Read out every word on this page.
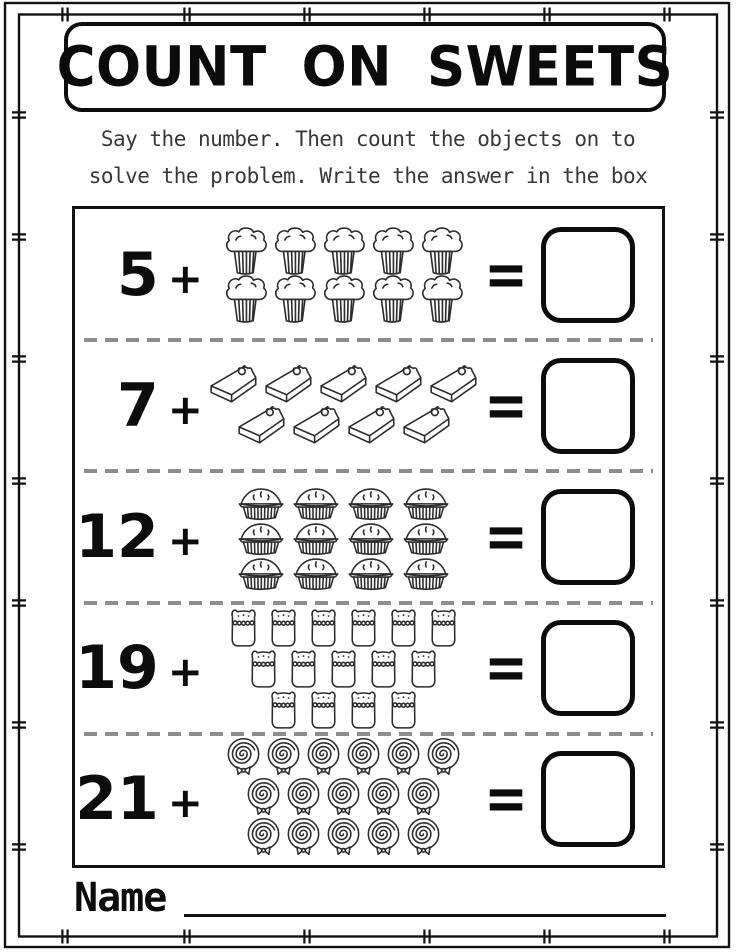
COUNT ON SWEETS
Say the number. Then count the objects on to
solve the problem. Write the answer in the box
5 +	=
7 +	=
12 +	=
19 +	=
21 +	=
Name
